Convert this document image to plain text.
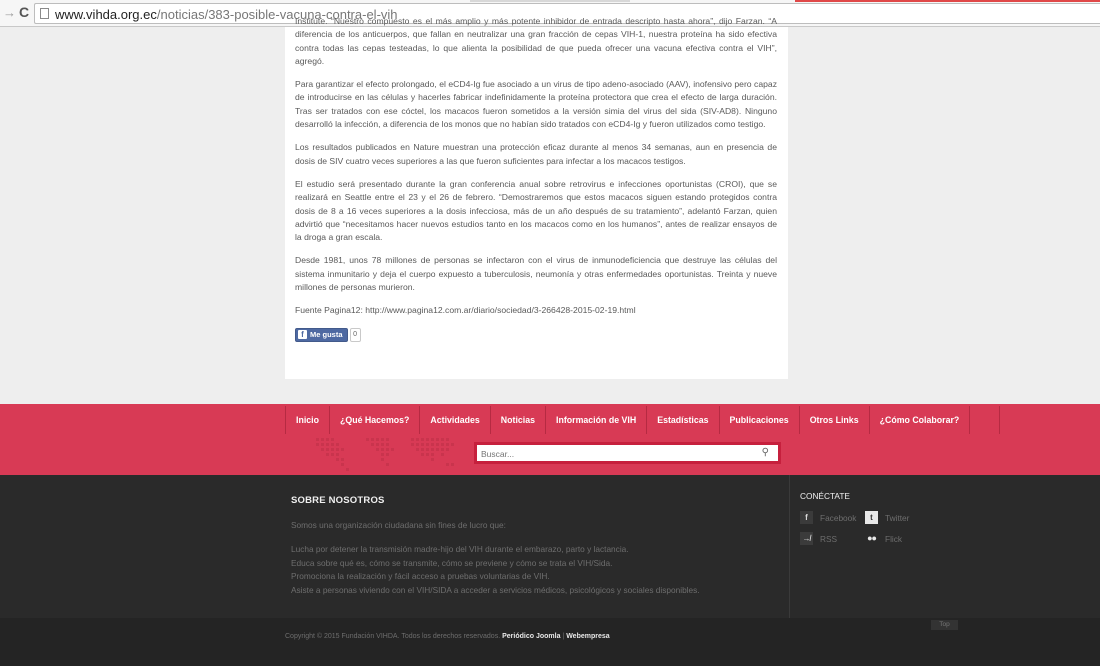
→ C www.vihda.org.ec/noticias/383-posible-vacuna-contra-el-vih

Institute. “Nuestro compuesto es el más amplio y más potente inhibidor de entrada descripto hasta ahora”, dijo Farzan. “A diferencia de los anticuerpos, que fallan en neutralizar una gran fracción de cepas VIH-1, nuestra proteína ha sido efectiva contra todas las cepas testeadas, lo que alienta la posibilidad de que pueda ofrecer una vacuna efectiva contra el VIH”, agregó.

Para garantizar el efecto prolongado, el eCD4-Ig fue asociado a un virus de tipo adeno-asociado (AAV), inofensivo pero capaz de introducirse en las células y hacerles fabricar indefinidamente la proteína protectora que crea el efecto de larga duración. Tras ser tratados con ese cóctel, los macacos fueron sometidos a la versión simia del virus del sida (SIV-AD8). Ninguno desarrolló la infección, a diferencia de los monos que no habían sido tratados con eCD4-Ig y fueron utilizados como testigo.

Los resultados publicados en Nature muestran una protección eficaz durante al menos 34 semanas, aun en presencia de dosis de SIV cuatro veces superiores a las que fueron suficientes para infectar a los macacos testigos.

El estudio será presentado durante la gran conferencia anual sobre retrovirus e infecciones oportunistas (CROI), que se realizará en Seattle entre el 23 y el 26 de febrero. “Demostraremos que estos macacos siguen estando protegidos contra dosis de 8 a 16 veces superiores a la dosis infecciosa, más de un año después de su tratamiento”, adelantó Farzan, quien advirtió que “necesitamos hacer nuevos estudios tanto en los macacos como en los humanos”, antes de realizar ensayos de la droga a gran escala.

Desde 1981, unos 78 millones de personas se infectaron con el virus de inmunodeficiencia que destruye las células del sistema inmunitario y deja el cuerpo expuesto a tuberculosis, neumonía y otras enfermedades oportunistas. Treinta y nueve millones de personas murieron.

Fuente Pagina12: http://www.pagina12.com.ar/diario/sociedad/3-266428-2015-02-19.html

f Me gusta	0
Inicio	¿Qué Hacemos?	Actividades	Noticias	Información de VIH	Estadísticas	Publicaciones	Otros Links	¿Cómo Colaborar?
Buscar...
⚲
SOBRE NOSOTROS
Somos una organización ciudadana sin fines de lucro que:
Lucha por detener la transmisión madre-hijo del VIH durante el embarazo, parto y lactancia.
Educa sobre qué es, cómo se transmite, cómo se previene y cómo se trata el VIH/Sida.
Promociona la realización y fácil acceso a pruebas voluntarias de VIH.
Asiste a personas viviendo con el VIH/SIDA a acceder a servicios médicos, psicológicos y sociales disponibles.
CONÉCTATE
f	Facebook	t	Twitter
↛	RSS	●● Flick
Top
Copyright © 2015 Fundación VIHDA. Todos los derechos reservados. Periódico Joomla | Webempresa
